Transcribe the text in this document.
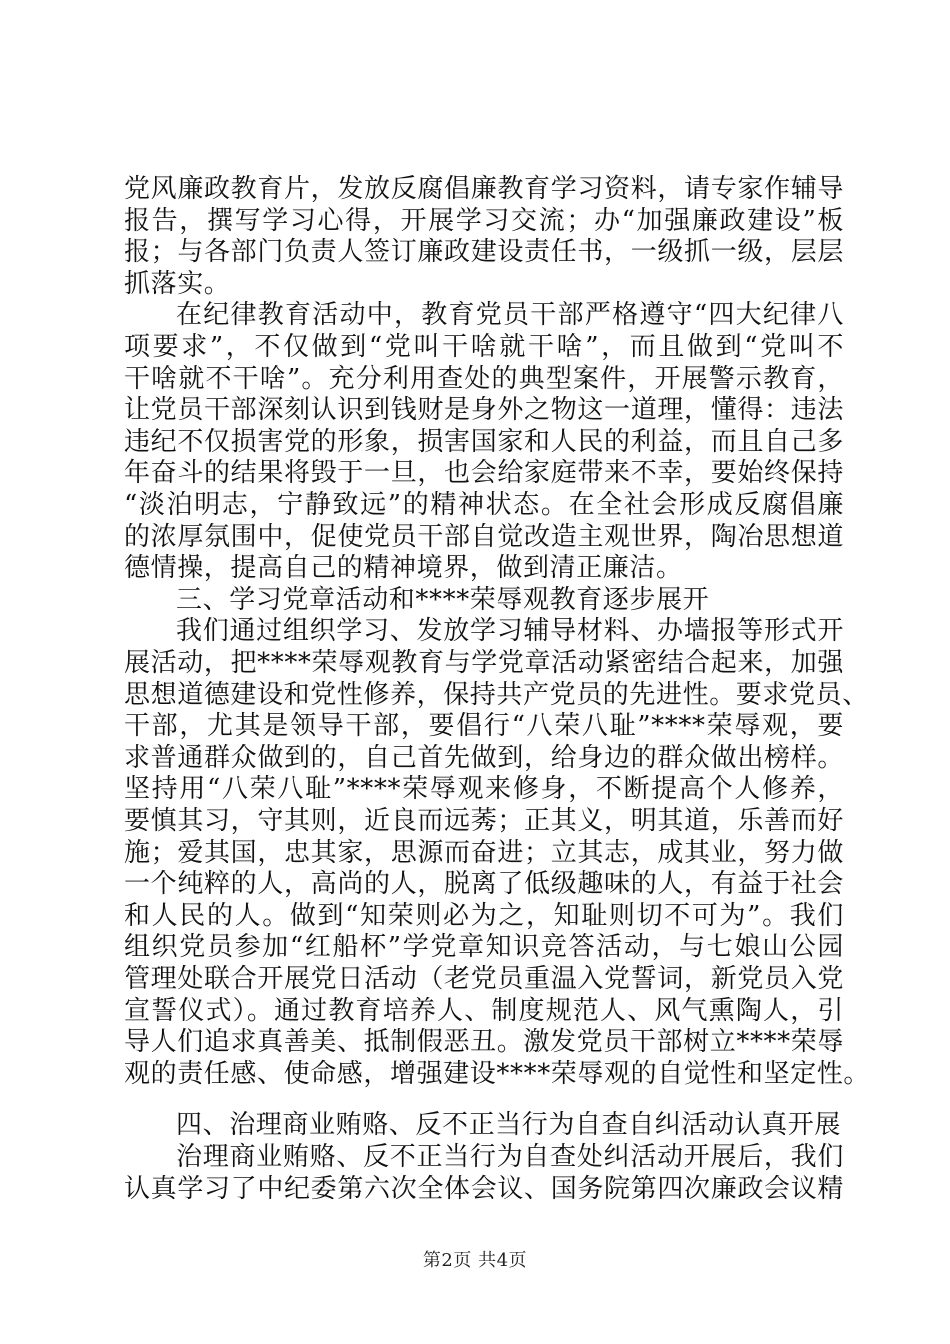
党风廉政教育片，发放反腐倡廉教育学习资料，请专家作辅导
报告，撰写学习心得，开展学习交流；办“加强廉政建设”板
报；与各部门负责人签订廉政建设责任书，一级抓一级，层层
抓落实。
在纪律教育活动中，教育党员干部严格遵守“四大纪律八
项要求”，不仅做到“党叫干啥就干啥”，而且做到“党叫不
干啥就不干啥”。充分利用查处的典型案件，开展警示教育，
让党员干部深刻认识到钱财是身外之物这一道理，懂得：违法
违纪不仅损害党的形象，损害国家和人民的利益，而且自己多
年奋斗的结果将毁于一旦，也会给家庭带来不幸，要始终保持
“淡泊明志，宁静致远”的精神状态。在全社会形成反腐倡廉
的浓厚氛围中，促使党员干部自觉改造主观世界，陶冶思想道
德情操，提高自己的精神境界，做到清正廉洁。
三、学习党章活动和****荣辱观教育逐步展开
我们通过组织学习、发放学习辅导材料、办墙报等形式开
展活动，把****荣辱观教育与学党章活动紧密结合起来，加强
思想道德建设和党性修养，保持共产党员的先进性。要求党员、
干部，尤其是领导干部，要倡行“八荣八耻”****荣辱观，要
求普通群众做到的，自己首先做到，给身边的群众做出榜样。
坚持用“八荣八耻”****荣辱观来修身，不断提高个人修养，
要慎其习，守其则，近良而远莠；正其义，明其道，乐善而好
施；爱其国，忠其家，思源而奋进；立其志，成其业，努力做
一个纯粹的人，高尚的人，脱离了低级趣味的人，有益于社会
和人民的人。做到“知荣则必为之，知耻则切不可为”。我们
组织党员参加“红船杯”学党章知识竞答活动，与七娘山公园
管理处联合开展党日活动（老党员重温入党誓词，新党员入党
宣誓仪式）。通过教育培养人、制度规范人、风气熏陶人，引
导人们追求真善美、抵制假恶丑。激发党员干部树立****荣辱
观的责任感、使命感，增强建设****荣辱观的自觉性和坚定性。
四、治理商业贿赂、反不正当行为自查自纠活动认真开展
治理商业贿赂、反不正当行为自查处纠活动开展后，我们
认真学习了中纪委第六次全体会议、国务院第四次廉政会议精
第2页 共4页
